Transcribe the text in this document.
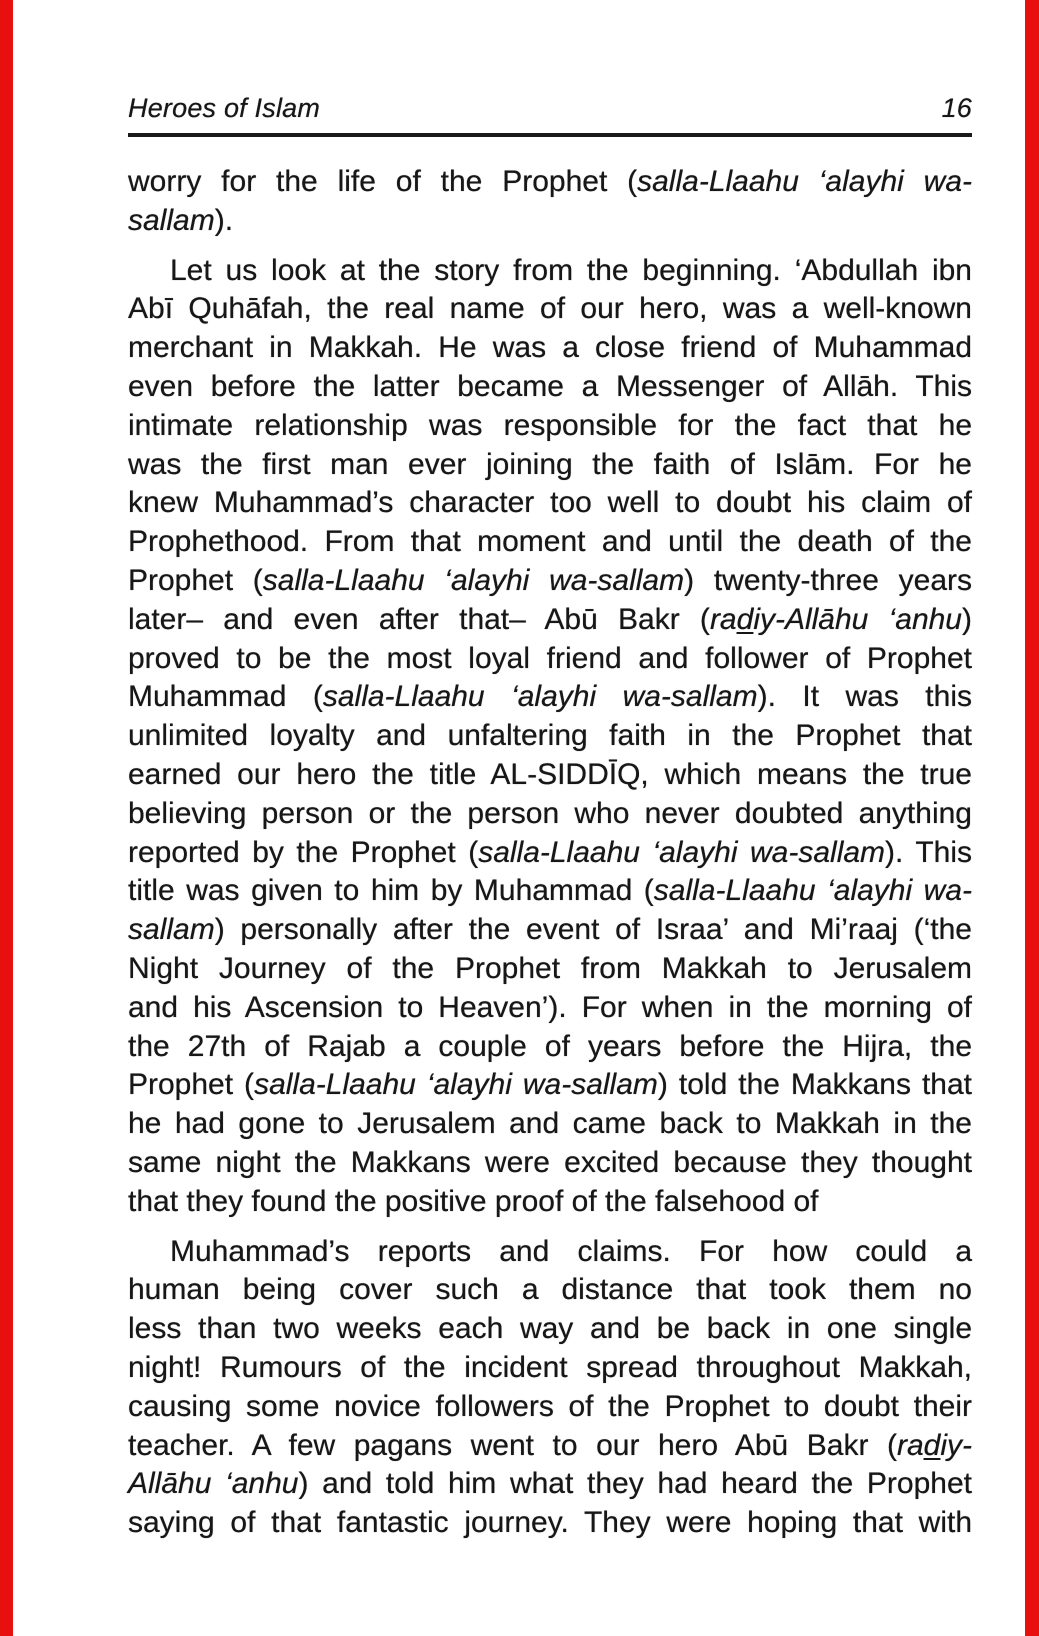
Heroes of Islam	16
worry for the life of the Prophet (salla-Llaahu ‘alayhi wa-
sallam).
Let us look at the story from the beginning. ‘Abdullah ibn
Abī Quhāfah, the real name of our hero, was a well-known
merchant in Makkah. He was a close friend of Muhammad
even before the latter became a Messenger of Allāh. This
intimate relationship was responsible for the fact that he
was the first man ever joining the faith of Islām. For he
knew Muhammad’s character too well to doubt his claim of
Prophethood. From that moment and until the death of the
Prophet (salla-Llaahu ‘alayhi wa-sallam) twenty-three years
later– and even after that– Abū Bakr (radiy-Allāhu ‘anhu)
proved to be the most loyal friend and follower of Prophet
Muhammad (salla-Llaahu ‘alayhi wa-sallam). It was this
unlimited loyalty and unfaltering faith in the Prophet that
earned our hero the title AL-SIDDĪQ, which means the true
believing person or the person who never doubted anything
reported by the Prophet (salla-Llaahu ‘alayhi wa-sallam). This
title was given to him by Muhammad (salla-Llaahu ‘alayhi wa-
sallam) personally after the event of Israa’ and Mi’raaj (‘the
Night Journey of the Prophet from Makkah to Jerusalem
and his Ascension to Heaven’). For when in the morning of
the 27th of Rajab a couple of years before the Hijra, the
Prophet (salla-Llaahu ‘alayhi wa-sallam) told the Makkans that
he had gone to Jerusalem and came back to Makkah in the
same night the Makkans were excited because they thought
that they found the positive proof of the falsehood of
Muhammad’s reports and claims. For how could a
human being cover such a distance that took them no
less than two weeks each way and be back in one single
night! Rumours of the incident spread throughout Makkah,
causing some novice followers of the Prophet to doubt their
teacher. A few pagans went to our hero Abū Bakr (radiy-
Allāhu ‘anhu) and told him what they had heard the Prophet
saying of that fantastic journey. They were hoping that with
